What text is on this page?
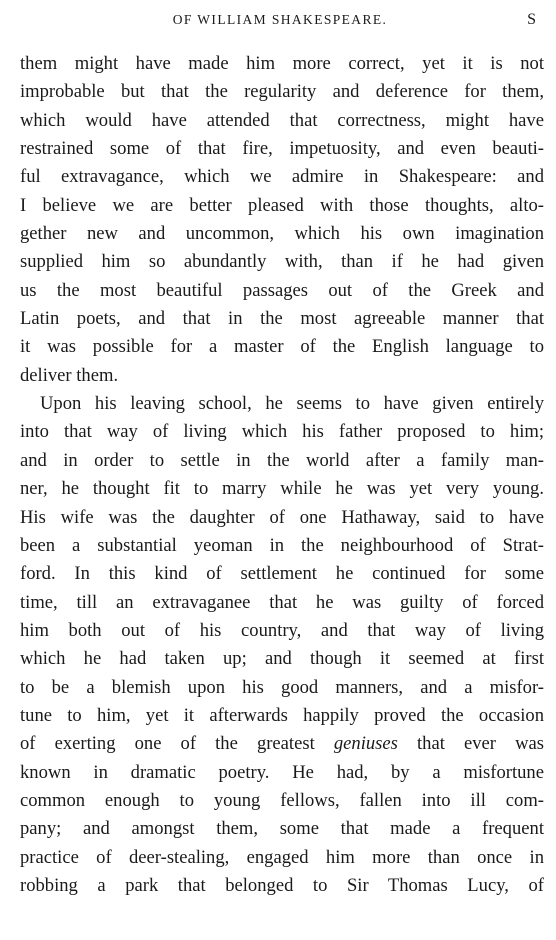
OF WILLIAM SHAKESPEARE.	S
them might have made him more correct, yet it is not
improbable but that the regularity and deference for them,
which would have attended that correctness, might have
restrained some of that fire, impetuosity, and even beauti-
ful extravagance, which we admire in Shakespeare: and
I believe we are better pleased with those thoughts, alto-
gether new and uncommon, which his own imagination
supplied him so abundantly with, than if he had given
us the most beautiful passages out of the Greek and
Latin poets, and that in the most agreeable manner that
it was possible for a master of the English language to
deliver them.
Upon his leaving school, he seems to have given entirely
into that way of living which his father proposed to him;
and in order to settle in the world after a family man-
ner, he thought fit to marry while he was yet very young.
His wife was the daughter of one Hathaway, said to have
been a substantial yeoman in the neighbourhood of Strat-
ford. In this kind of settlement he continued for some
time, till an extravaganee that he was guilty of forced
him both out of his country, and that way of living
which he had taken up; and though it seemed at first
to be a blemish upon his good manners, and a misfor-
tune to him, yet it afterwards happily proved the occasion
of exerting one of the greatest geniuses that ever was
known in dramatic poetry. He had, by a misfortune
common enough to young fellows, fallen into ill com-
pany; and amongst them, some that made a frequent
practice of deer-stealing, engaged him more than once in
robbing a park that belonged to Sir Thomas Lucy, of
